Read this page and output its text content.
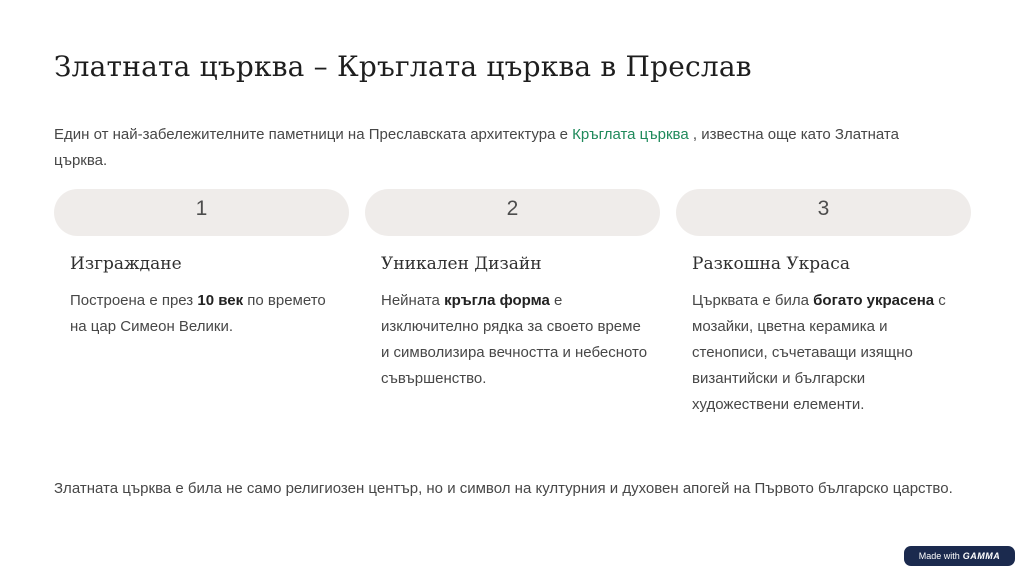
Златната църква – Кръглата църква в Преслав

Един от най-забележителните паметници на Преславската архитектура е Кръглата църква , известна още като Златната църква.

1
Изграждане

Построена е през 10 век по времето на цар Симеон Велики.

2
Уникален Дизайн

Нейната кръгла форма е изключително рядка за своето време и символизира вечността и небесното съвършенство.

3
Разкошна Украса

Църквата е била богато украсена с мозайки, цветна керамика и стенописи, съчетаващи изящно византийски и български художествени елементи.

Златната църква е била не само религиозен център, но и символ на културния и духовен апогей на Първото българско царство.

Made with GAMMA
